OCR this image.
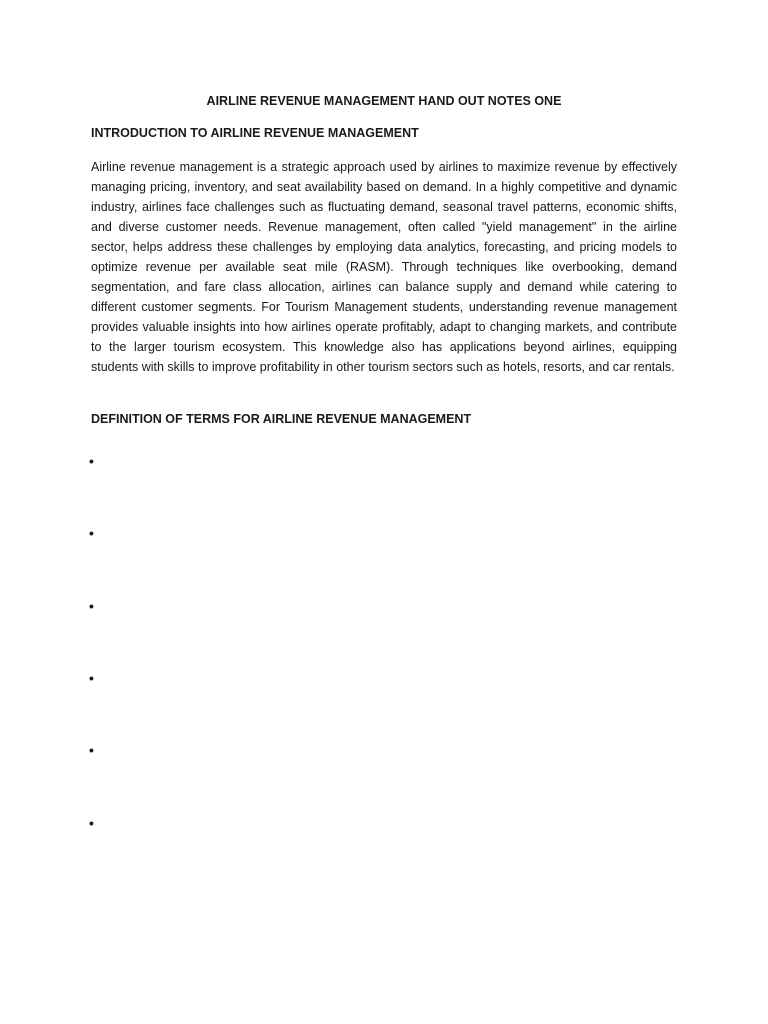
AIRLINE REVENUE MANAGEMENT HAND OUT NOTES ONE
INTRODUCTION TO AIRLINE REVENUE MANAGEMENT

Airline revenue management is a strategic approach used by airlines to maximize revenue by effectively managing pricing, inventory, and seat availability based on demand. In a highly competitive and dynamic industry, airlines face challenges such as fluctuating demand, seasonal travel patterns, economic shifts, and diverse customer needs. Revenue management, often called "yield management" in the airline sector, helps address these challenges by employing data analytics, forecasting, and pricing models to optimize revenue per available seat mile (RASM). Through techniques like overbooking, demand segmentation, and fare class allocation, airlines can balance supply and demand while catering to different customer segments. For Tourism Management students, understanding revenue management provides valuable insights into how airlines operate profitably, adapt to changing markets, and contribute to the larger tourism ecosystem. This knowledge also has applications beyond airlines, equipping students with skills to improve profitability in other tourism sectors such as hotels, resorts, and car rentals.

DEFINITION OF TERMS FOR AIRLINE REVENUE MANAGEMENT
•
•
•
•
•
•
